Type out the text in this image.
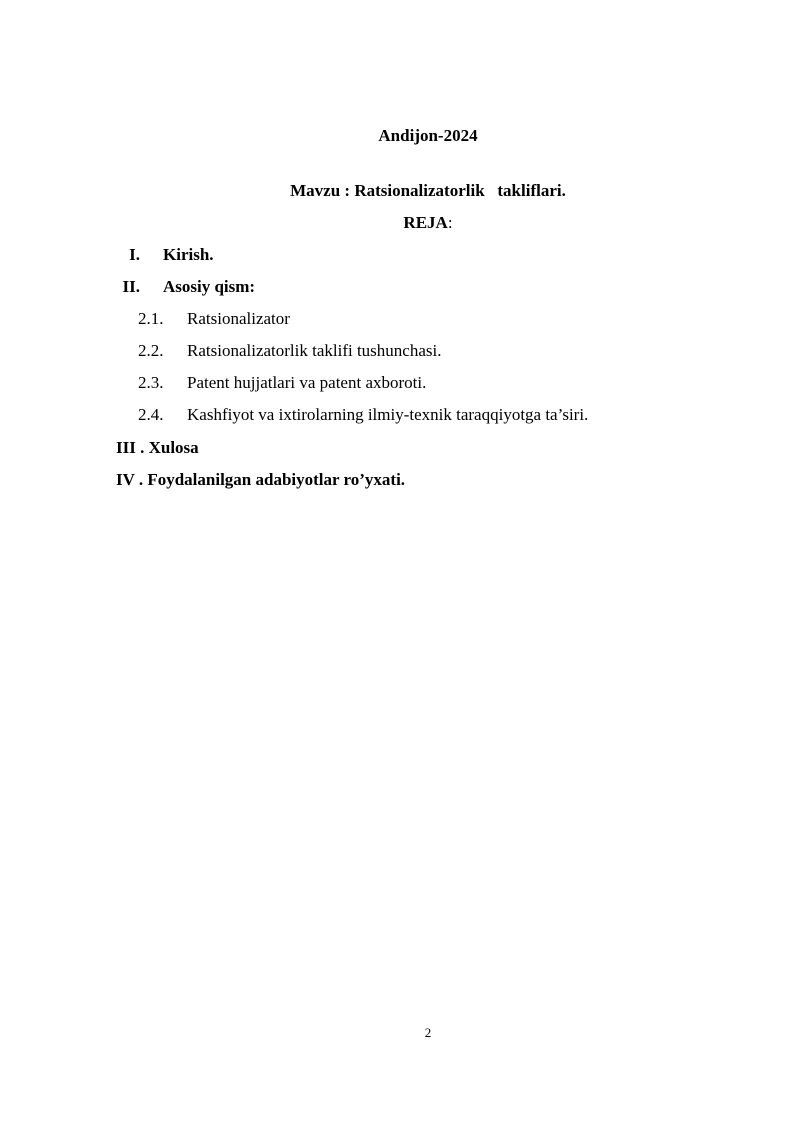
Andijon-2024
Mavzu : Ratsionalizatorlik   takliflari.
REJA:
I. Kirish.
II. Asosiy qism:
2.1. Ratsionalizator
2.2. Ratsionalizatorlik taklifi tushunchasi.
2.3. Patent hujjatlari va patent axboroti.
2.4. Kashfiyot va ixtirolarning ilmiy-texnik taraqqiyotga ta’siri.
III . Xulosa
IV . Foydalanilgan adabiyotlar ro’yxati.
2
